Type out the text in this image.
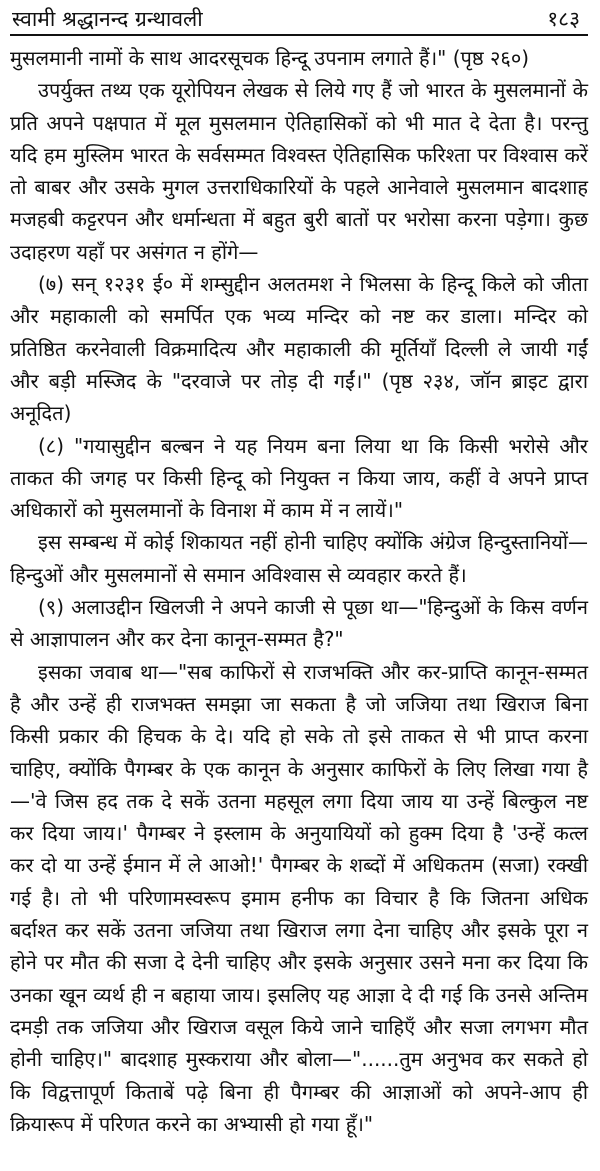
स्वामी श्रद्धानन्द ग्रन्थावली	१८३

मुसलमानी नामों के साथ आदरसूचक हिन्दू उपनाम लगाते हैं।" (पृष्ठ २६०)

उपर्युक्त तथ्य एक यूरोपियन लेखक से लिये गए हैं जो भारत के मुसलमानों के प्रति अपने पक्षपात में मूल मुसलमान ऐतिहासिकों को भी मात दे देता है। परन्तु यदि हम मुस्लिम भारत के सर्वसम्मत विश्वस्त ऐतिहासिक फरिश्ता पर विश्वास करें तो बाबर और उसके मुगल उत्तराधिकारियों के पहले आनेवाले मुसलमान बादशाह मजहबी कट्टरपन और धर्मान्धता में बहुत बुरी बातों पर भरोसा करना पड़ेगा। कुछ उदाहरण यहाँ पर असंगत न होंगे—

(७) सन् १२३१ ई० में शम्सुद्दीन अलतमश ने भिलसा के हिन्दू किले को जीता और महाकाली को समर्पित एक भव्य मन्दिर को नष्ट कर डाला। मन्दिर को प्रतिष्ठित करनेवाली विक्रमादित्य और महाकाली की मूर्तियाँ दिल्ली ले जायी गईं और बड़ी मस्जिद के "दरवाजे पर तोड़ दी गईं।" (पृष्ठ २३४, जॉन ब्राइट द्वारा अनूदित)

(८) "गयासुद्दीन बल्बन ने यह नियम बना लिया था कि किसी भरोसे और ताकत की जगह पर किसी हिन्दू को नियुक्त न किया जाय, कहीं वे अपने प्राप्त अधिकारों को मुसलमानों के विनाश में काम में न लायें।"

इस सम्बन्ध में कोई शिकायत नहीं होनी चाहिए क्योंकि अंग्रेज हिन्दुस्तानियों—हिन्दुओं और मुसलमानों से समान अविश्वास से व्यवहार करते हैं।

(९) अलाउद्दीन खिलजी ने अपने काजी से पूछा था—"हिन्दुओं के किस वर्णन से आज्ञापालन और कर देना कानून-सम्मत है?"

इसका जवाब था—"सब काफिरों से राजभक्ति और कर-प्राप्ति कानून-सम्मत है और उन्हें ही राजभक्त समझा जा सकता है जो जजिया तथा खिराज बिना किसी प्रकार की हिचक के दे। यदि हो सके तो इसे ताकत से भी प्राप्त करना चाहिए, क्योंकि पैगम्बर के एक कानून के अनुसार काफिरों के लिए लिखा गया है—'वे जिस हद तक दे सकें उतना महसूल लगा दिया जाय या उन्हें बिल्कुल नष्ट कर दिया जाय।' पैगम्बर ने इस्लाम के अनुयायियों को हुक्म दिया है 'उन्हें कत्ल कर दो या उन्हें ईमान में ले आओ!' पैगम्बर के शब्दों में अधिकतम (सजा) रक्खी गई है। तो भी परिणामस्वरूप इमाम हनीफ का विचार है कि जितना अधिक बर्दाश्त कर सकें उतना जजिया तथा खिराज लगा देना चाहिए और इसके पूरा न होने पर मौत की सजा दे देनी चाहिए और इसके अनुसार उसने मना कर दिया कि उनका खून व्यर्थ ही न बहाया जाय। इसलिए यह आज्ञा दे दी गई कि उनसे अन्तिम दमड़ी तक जजिया और खिराज वसूल किये जाने चाहिएँ और सजा लगभग मौत होनी चाहिए।" बादशाह मुस्कराया और बोला—"......तुम अनुभव कर सकते हो कि विद्वत्तापूर्ण किताबें पढ़े बिना ही पैगम्बर की आज्ञाओं को अपने-आप ही क्रियारूप में परिणत करने का अभ्यासी हो गया हूँ।"
